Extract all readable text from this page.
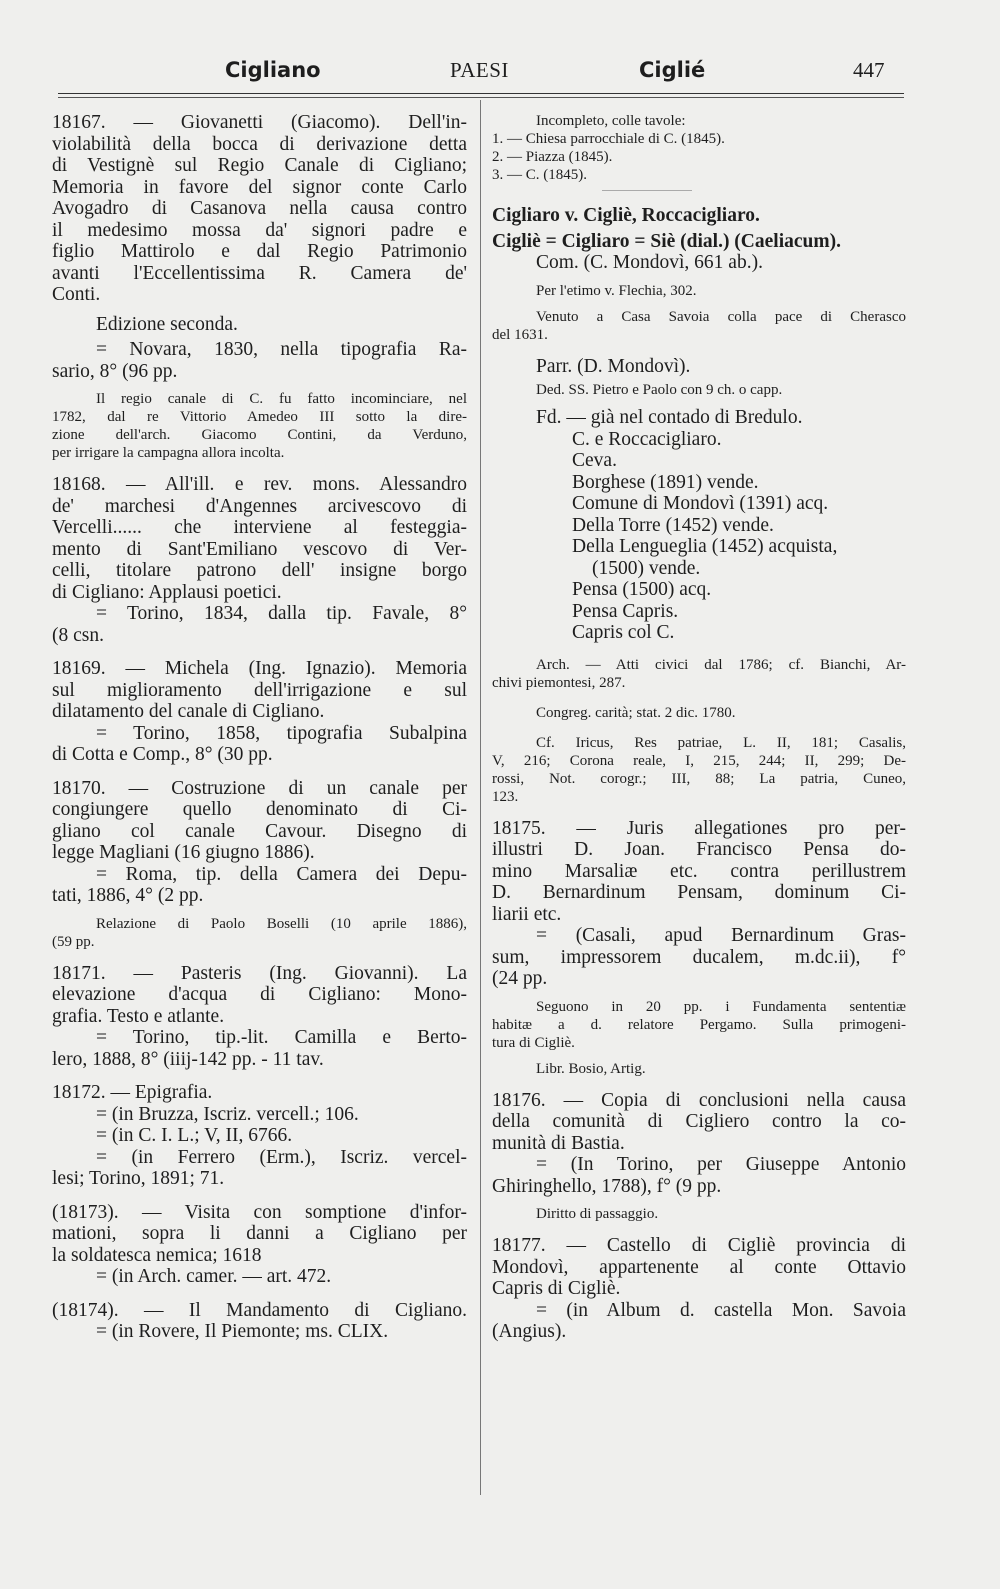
Cigliano	PAESI	Ciglié	447

18167. — Giovanetti (Giacomo). Dell'in-

violabilità della bocca di derivazione detta

di Vestignè sul Regio Canale di Cigliano;

Memoria in favore del signor conte Carlo

Avogadro di Casanova nella causa contro

il medesimo mossa da' signori padre e

figlio Mattirolo e dal Regio Patrimonio

avanti l'Eccellentissima R. Camera de'

Conti.

Edizione seconda.

= Novara, 1830, nella tipografia Ra-

sario, 8° (96 pp.

Il regio canale di C. fu fatto incominciare, nel

1782, dal re Vittorio Amedeo III sotto la dire-

zione dell'arch. Giacomo Contini, da Verduno,

per irrigare la campagna allora incolta.

18168. — All'ill. e rev. mons. Alessandro

de' marchesi d'Angennes arcivescovo di

Vercelli...... che interviene al festeggia-

mento di Sant'Emiliano vescovo di Ver-

celli, titolare patrono dell' insigne borgo

di Cigliano: Applausi poetici.

= Torino, 1834, dalla tip. Favale, 8°

(8 csn.

18169. — Michela (Ing. Ignazio). Memoria

sul miglioramento dell'irrigazione e sul

dilatamento del canale di Cigliano.

= Torino, 1858, tipografia Subalpina

di Cotta e Comp., 8° (30 pp.

18170. — Costruzione di un canale per

congiungere quello denominato di Ci-

gliano col canale Cavour. Disegno di

legge Magliani (16 giugno 1886).

= Roma, tip. della Camera dei Depu-

tati, 1886, 4° (2 pp.

Relazione di Paolo Boselli (10 aprile 1886),

(59 pp.

18171. — Pasteris (Ing. Giovanni). La

elevazione d'acqua di Cigliano: Mono-

grafia. Testo e atlante.

= Torino, tip.-lit. Camilla e Berto-

lero, 1888, 8° (iiij-142 pp. - 11 tav.

18172. — Epigrafia.

= (in Bruzza, Iscriz. vercell.; 106.

= (in C. I. L.; V, II, 6766.

= (in Ferrero (Erm.), Iscriz. vercel-

lesi; Torino, 1891; 71.

(18173). — Visita con somptione d'infor-

mationi, sopra li danni a Cigliano per

la soldatesca nemica; 1618

= (in Arch. camer. — art. 472.

(18174). — Il Mandamento di Cigliano.

= (in Rovere, Il Piemonte; ms. CLIX.

Incompleto, colle tavole:

1. — Chiesa parrocchiale di C. (1845).

2. — Piazza (1845).

3. — C. (1845).

Cigliaro v. Cigliè, Roccacigliaro.

Cigliè = Cigliaro = Siè (dial.) (Caeliacum).

Com. (C. Mondovì, 661 ab.).

Per l'etimo v. Flechia, 302.

Venuto a Casa Savoia colla pace di Cherasco

del 1631.

Parr. (D. Mondovì).

Ded. SS. Pietro e Paolo con 9 ch. o capp.

Fd. — già nel contado di Bredulo.

C. e Roccacigliaro.

Ceva.

Borghese (1891) vende.

Comune di Mondovì (1391) acq.

Della Torre (1452) vende.

Della Lengueglia (1452) acquista,

(1500) vende.

Pensa (1500) acq.

Pensa Capris.

Capris col C.

Arch. — Atti civici dal 1786; cf. Bianchi, Ar-

chivi piemontesi, 287.

Congreg. carità; stat. 2 dic. 1780.

Cf. Iricus, Res patriae, L. II, 181; Casalis,

V, 216; Corona reale, I, 215, 244; II, 299; De-

rossi, Not. corogr.; III, 88; La patria, Cuneo,

123.

18175. — Juris allegationes pro per-

illustri D. Joan. Francisco Pensa do-

mino Marsaliæ etc. contra perillustrem

D. Bernardinum Pensam, dominum Ci-

liarii etc.

= (Casali, apud Bernardinum Gras-

sum, impressorem ducalem, m.dc.ii), f°

(24 pp.

Seguono in 20 pp. i Fundamenta sententiæ

habitæ a d. relatore Pergamo. Sulla primogeni-

tura di Cigliè.

Libr. Bosio, Artig.

18176. — Copia di conclusioni nella causa

della comunità di Cigliero contro la co-

munità di Bastia.

= (In Torino, per Giuseppe Antonio

Ghiringhello, 1788), f° (9 pp.

Diritto di passaggio.

18177. — Castello di Cigliè provincia di

Mondovì, appartenente al conte Ottavio

Capris di Cigliè.

= (in Album d. castella Mon. Savoia

(Angius).
